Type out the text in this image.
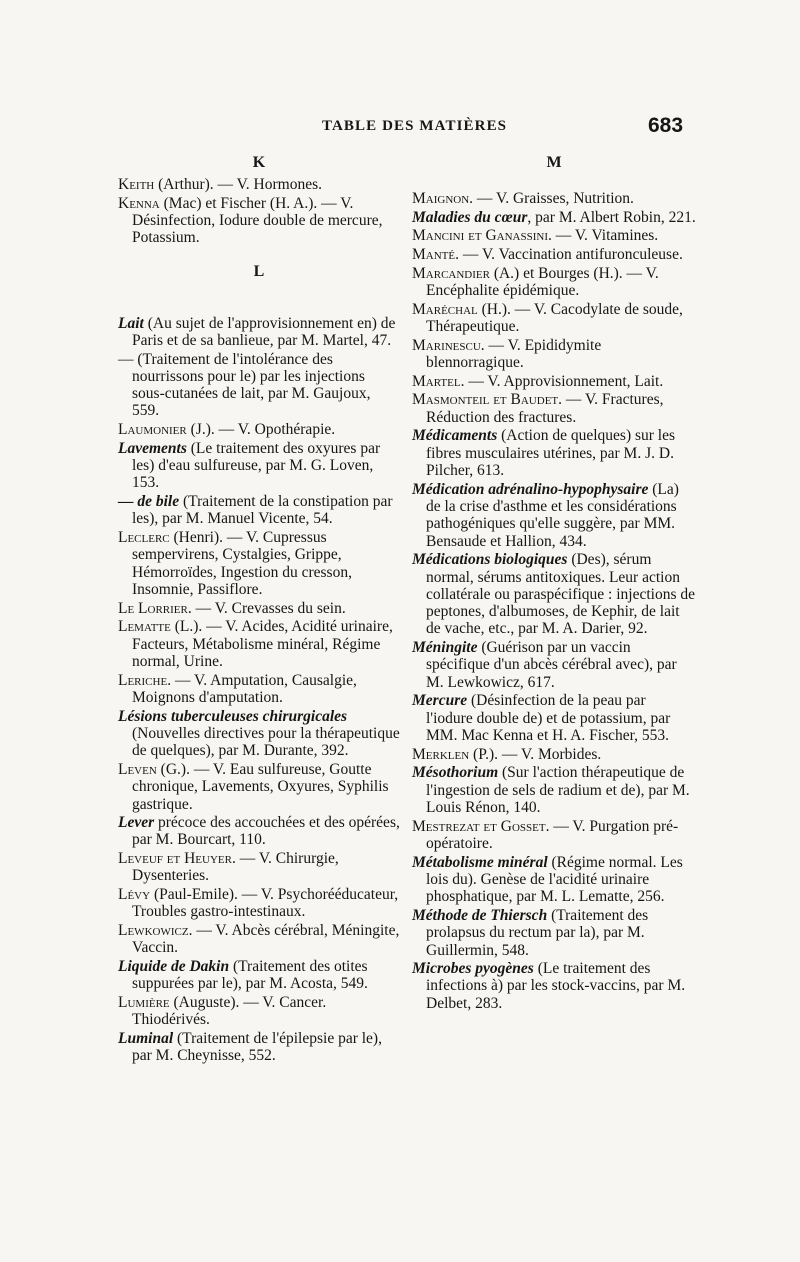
TABLE DES MATIÈRES	683
K
Keith (Arthur). — V. Hormones.
Kenna (Mac) et Fischer (H. A.). — V. Désinfection, Iodure double de mercure, Potassium.
L
Lait (Au sujet de l'approvisionnement en) de Paris et de sa banlieue, par M. Martel, 47.
— (Traitement de l'intolérance des nourrissons pour le) par les injections sous-cutanées de lait, par M. Gaujoux, 559.
Laumonier (J.). — V. Opothérapie.
Lavements (Le traitement des oxyures par les) d'eau sulfureuse, par M. G. Loven, 153.
— de bile (Traitement de la constipation par les), par M. Manuel Vicente, 54.
Leclerc (Henri). — V. Cupressus sempervirens, Cystalgies, Grippe, Hémorroïdes, Ingestion du cresson, Insomnie, Passiflore.
Le Lorrier. — V. Crevasses du sein.
Lematte (L.). — V. Acides, Acidité urinaire, Facteurs, Métabolisme minéral, Régime normal, Urine.
Leriche. — V. Amputation, Causalgie, Moignons d'amputation.
Lésions tuberculeuses chirurgicales (Nouvelles directives pour la thérapeutique de quelques), par M. Durante, 392.
Leven (G.). — V. Eau sulfureuse, Goutte chronique, Lavements, Oxyures, Syphilis gastrique.
Lever précoce des accouchées et des opérées, par M. Bourcart, 110.
Leveuf et Heuyer. — V. Chirurgie, Dysenteries.
Lévy (Paul-Emile). — V. Psychorééducateur, Troubles gastro-intestinaux.
Lewkowicz. — V. Abcès cérébral, Méningite, Vaccin.
Liquide de Dakin (Traitement des otites suppurées par le), par M. Acosta, 549.
Lumière (Auguste). — V. Cancer. Thiodérivés.
Luminal (Traitement de l'épilepsie par le), par M. Cheynisse, 552.
M
Maignon. — V. Graisses, Nutrition.
Maladies du cœur, par M. Albert Robin, 221.
Mancini et Ganassini. — V. Vitamines.
Manté. — V. Vaccination antifuronculeuse.
Marcandier (A.) et Bourges (H.). — V. Encéphalite épidémique.
Maréchal (H.). — V. Cacodylate de soude, Thérapeutique.
Marinescu. — V. Epididymite blennorragique.
Martel. — V. Approvisionnement, Lait.
Masmonteil et Baudet. — V. Fractures, Réduction des fractures.
Médicaments (Action de quelques) sur les fibres musculaires utérines, par M. J. D. Pilcher, 613.
Médication adrénalino-hypophysaire (La) de la crise d'asthme et les considérations pathogéniques qu'elle suggère, par MM. Bensaude et Hallion, 434.
Médications biologiques (Des), sérum normal, sérums antitoxiques. Leur action collatérale ou paraspécifique : injections de peptones, d'albumoses, de Kephir, de lait de vache, etc., par M. A. Darier, 92.
Méningite (Guérison par un vaccin spécifique d'un abcès cérébral avec), par M. Lewkowicz, 617.
Mercure (Désinfection de la peau par l'iodure double de) et de potassium, par MM. Mac Kenna et H. A. Fischer, 553.
Merklen (P.). — V. Morbides.
Mésothorium (Sur l'action thérapeutique de l'ingestion de sels de radium et de), par M. Louis Rénon, 140.
Mestrezat et Gosset. — V. Purgation pré-opératoire.
Métabolisme minéral (Régime normal. Les lois du). Genèse de l'acidité urinaire phosphatique, par M. L. Lematte, 256.
Méthode de Thiersch (Traitement des prolapsus du rectum par la), par M. Guillermin, 548.
Microbes pyogènes (Le traitement des infections à) par les stock-vaccins, par M. Delbet, 283.
